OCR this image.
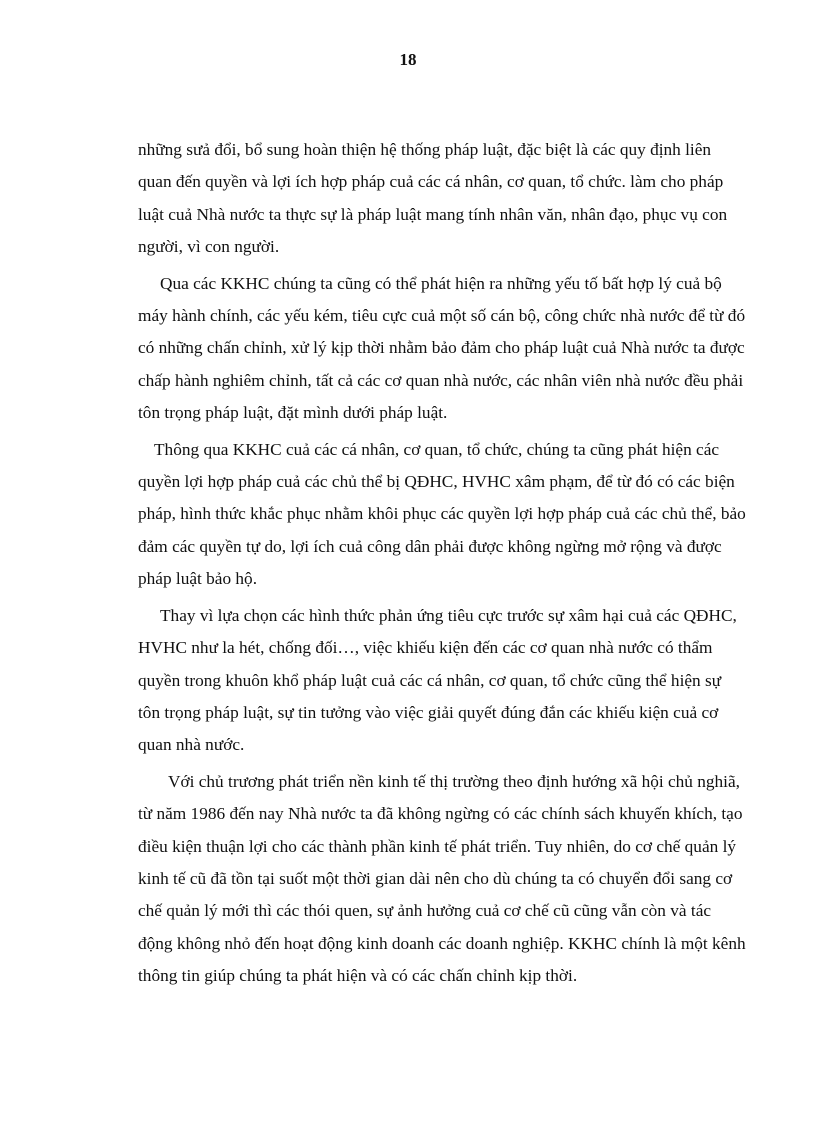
18
những sưả đổi, bổ sung hoàn thiện hệ thống pháp luật, đặc biệt là các quy định liên
quan đến quyền và lợi ích hợp pháp cuả các cá nhân, cơ quan, tổ chức. làm cho pháp
luật cuả Nhà nước ta thực sự là pháp luật mang tính nhân văn, nhân đạo, phục vụ con
người, vì con người.
Qua các KKHC chúng ta cũng có thể phát hiện ra những yếu tố bất hợp lý cuả bộ
máy hành chính, các yếu kém, tiêu cực cuả một số cán bộ, công chức nhà nước để từ đó
có những chấn chỉnh, xử lý kịp thời nhằm bảo đảm cho pháp luật cuả Nhà nước ta được
chấp hành nghiêm chỉnh, tất cả các cơ quan nhà nước, các nhân viên nhà nước đều phải
tôn trọng pháp luật, đặt mình dưới pháp luật.
Thông qua KKHC cuả các cá nhân, cơ quan, tổ chức, chúng ta cũng phát hiện các
quyền lợi hợp pháp cuả các chủ thể bị QĐHC, HVHC xâm phạm, để từ đó có các biện
pháp, hình thức khắc phục nhằm khôi phục các quyền lợi hợp pháp cuả các chủ thể, bảo
đảm các quyền tự do, lợi ích cuả công dân phải được không ngừng mở rộng và được
pháp luật bảo hộ.
Thay vì lựa chọn các hình thức phản ứng tiêu cực trước sự xâm hại cuả các QĐHC,
HVHC như la hét, chống đối…, việc khiếu kiện đến các cơ quan nhà nước có thẩm
quyền trong khuôn khổ pháp luật cuả các cá nhân, cơ quan, tổ chức cũng thể hiện sự
tôn trọng pháp luật, sự tin tưởng vào việc giải quyết đúng đắn các khiếu kiện cuả cơ
quan nhà nước.
Với chủ trương phát triển nền kinh tế thị trường theo định hướng xã hội chủ nghiã,
từ năm 1986 đến nay Nhà nước ta đã không ngừng có các chính sách khuyến khích, tạo
điều kiện thuận lợi cho các thành phần kinh tế phát triển. Tuy nhiên, do cơ chế quản lý
kinh tế cũ đã tồn tại suốt một thời gian dài nên cho dù chúng ta có chuyển đổi sang cơ
chế quản lý mới thì các thói quen, sự ảnh hưởng cuả cơ chế cũ cũng vẫn còn và tác
động không nhỏ đến hoạt động kinh doanh các doanh nghiệp. KKHC chính là một kênh
thông tin giúp chúng ta phát hiện và có các chấn chỉnh kịp thời.
